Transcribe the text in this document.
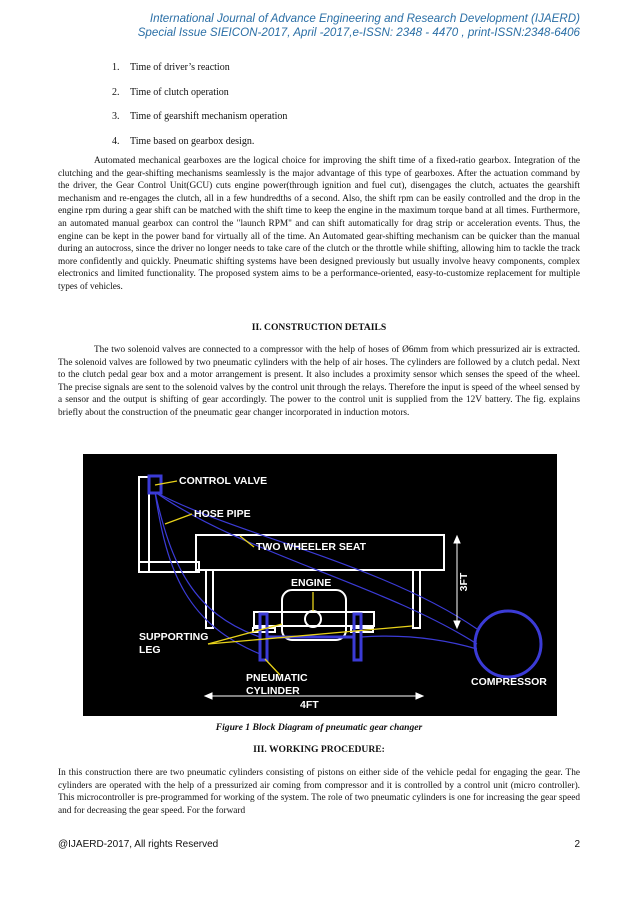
International Journal of Advance Engineering and Research Development (IJAERD)
Special Issue SIEICON-2017, April -2017,e-ISSN: 2348 - 4470 , print-ISSN:2348-6406
1. Time of driver’s reaction
2. Time of clutch operation
3. Time of gearshift mechanism operation
4. Time based on gearbox design.

Automated mechanical gearboxes are the logical choice for improving the shift time of a fixed-ratio gearbox. Integration of the clutching and the gear-shifting mechanisms seamlessly is the major advantage of this type of gearboxes. After the actuation command by the driver, the Gear Control Unit(GCU) cuts engine power(through ignition and fuel cut), disengages the clutch, actuates the gearshift mechanism and re-engages the clutch, all in a few hundredths of a second. Also, the shift rpm can be easily controlled and the drop in the engine rpm during a gear shift can be matched with the shift time to keep the engine in the maximum torque band at all times. Furthermore, an automated manual gearbox can control the "launch RPM" and can shift automatically for drag strip or acceleration events. Thus, the engine can be kept in the power band for virtually all of the time. An Automated gear-shifting mechanism can be quicker than the manual during an autocross, since the driver no longer needs to take care of the clutch or the throttle while shifting, allowing him to tackle the track more confidently and quickly. Pneumatic shifting systems have been designed previously but usually involve heavy components, complex electronics and limited functionality. The proposed system aims to be a performance-oriented, easy-to-customize replacement for multiple types of vehicles.

II. CONSTRUCTION DETAILS

The two solenoid valves are connected to a compressor with the help of hoses of Ø6mm from which pressurized air is extracted. The solenoid valves are followed by two pneumatic cylinders with the help of air hoses. The cylinders are followed by a clutch pedal. Next to the clutch pedal gear box and a motor arrangement is present. It also includes a proximity sensor which senses the speed of the wheel. The precise signals are sent to the solenoid valves by the control unit through the relays. Therefore the input is speed of the wheel sensed by a sensor and the output is shifting of gear accordingly. The power to the control unit is supplied from the 12V battery. The fig. explains briefly about the construction of the pneumatic gear changer incorporated in induction motors.

CONTROL VALVE
HOSE PIPE
TWO WHEELER SEAT
ENGINE
SUPPORTING
LEG
PNEUMATIC
CYLINDER
COMPRESSOR
4FT
3FT
Figure 1 Block Diagram of pneumatic gear changer
III. WORKING PROCEDURE:

In this construction there are two pneumatic cylinders consisting of pistons on either side of the vehicle pedal for engaging the gear. The cylinders are operated with the help of a pressurized air coming from compressor and it is controlled by a control unit (micro controller). This microcontroller is pre-programmed for working of the system. The role of two pneumatic cylinders is one for increasing the gear speed and for decreasing the gear speed. For the forward

@IJAERD-2017, All rights Reserved	2
